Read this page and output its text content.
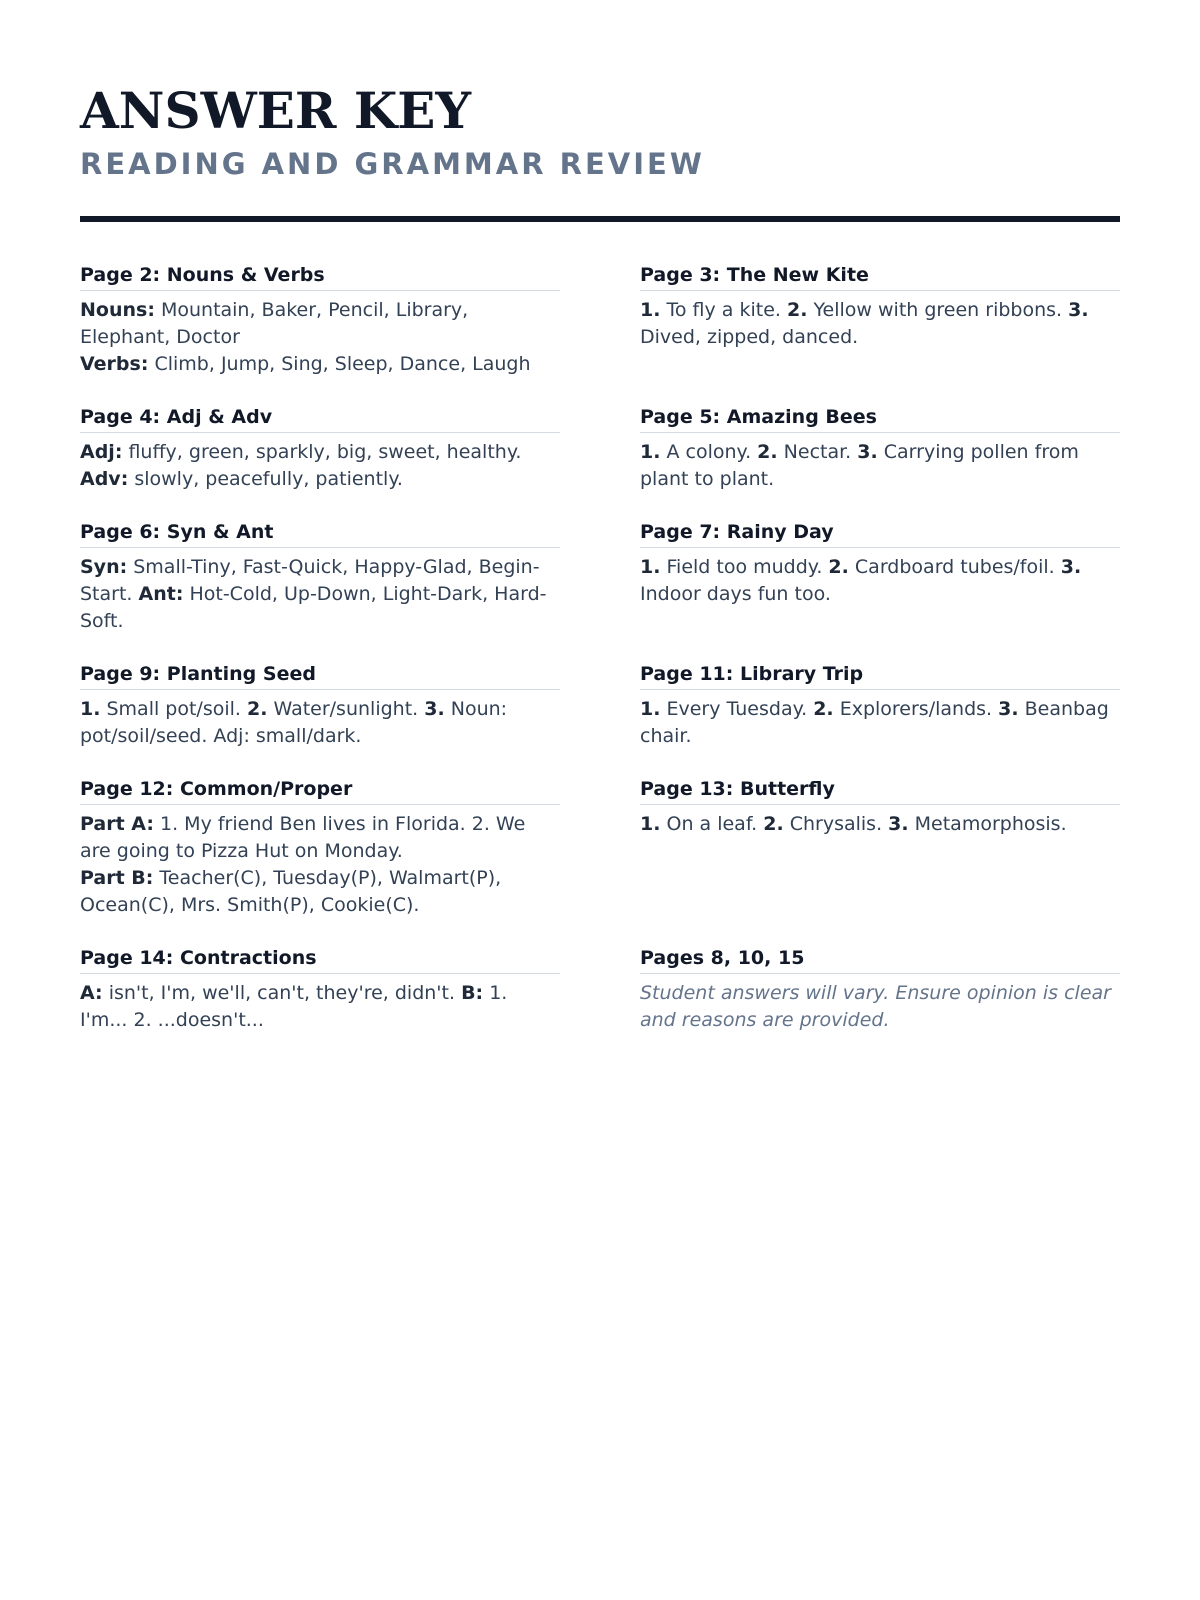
ANSWER KEY
READING AND GRAMMAR REVIEW
Page 2: Nouns & Verbs
Nouns: Mountain, Baker, Pencil, Library, Elephant, Doctor
Verbs: Climb, Jump, Sing, Sleep, Dance, Laugh
Page 3: The New Kite
1. To fly a kite. 2. Yellow with green ribbons. 3. Dived, zipped, danced.
Page 4: Adj & Adv
Adj: fluffy, green, sparkly, big, sweet, healthy.
Adv: slowly, peacefully, patiently.
Page 5: Amazing Bees
1. A colony. 2. Nectar. 3. Carrying pollen from plant to plant.
Page 6: Syn & Ant
Syn: Small-Tiny, Fast-Quick, Happy-Glad, Begin-Start. Ant: Hot-Cold, Up-Down, Light-Dark, Hard-Soft.
Page 7: Rainy Day
1. Field too muddy. 2. Cardboard tubes/foil. 3. Indoor days fun too.
Page 9: Planting Seed
1. Small pot/soil. 2. Water/sunlight. 3. Noun: pot/soil/seed. Adj: small/dark.
Page 11: Library Trip
1. Every Tuesday. 2. Explorers/lands. 3. Beanbag chair.
Page 12: Common/Proper
Part A: 1. My friend Ben lives in Florida. 2. We are going to Pizza Hut on Monday.
Part B: Teacher(C), Tuesday(P), Walmart(P), Ocean(C), Mrs. Smith(P), Cookie(C).
Page 13: Butterfly
1. On a leaf. 2. Chrysalis. 3. Metamorphosis.
Page 14: Contractions
A: isn't, I'm, we'll, can't, they're, didn't. B: 1. I'm... 2. ...doesn't...
Pages 8, 10, 15
Student answers will vary. Ensure opinion is clear and reasons are provided.
